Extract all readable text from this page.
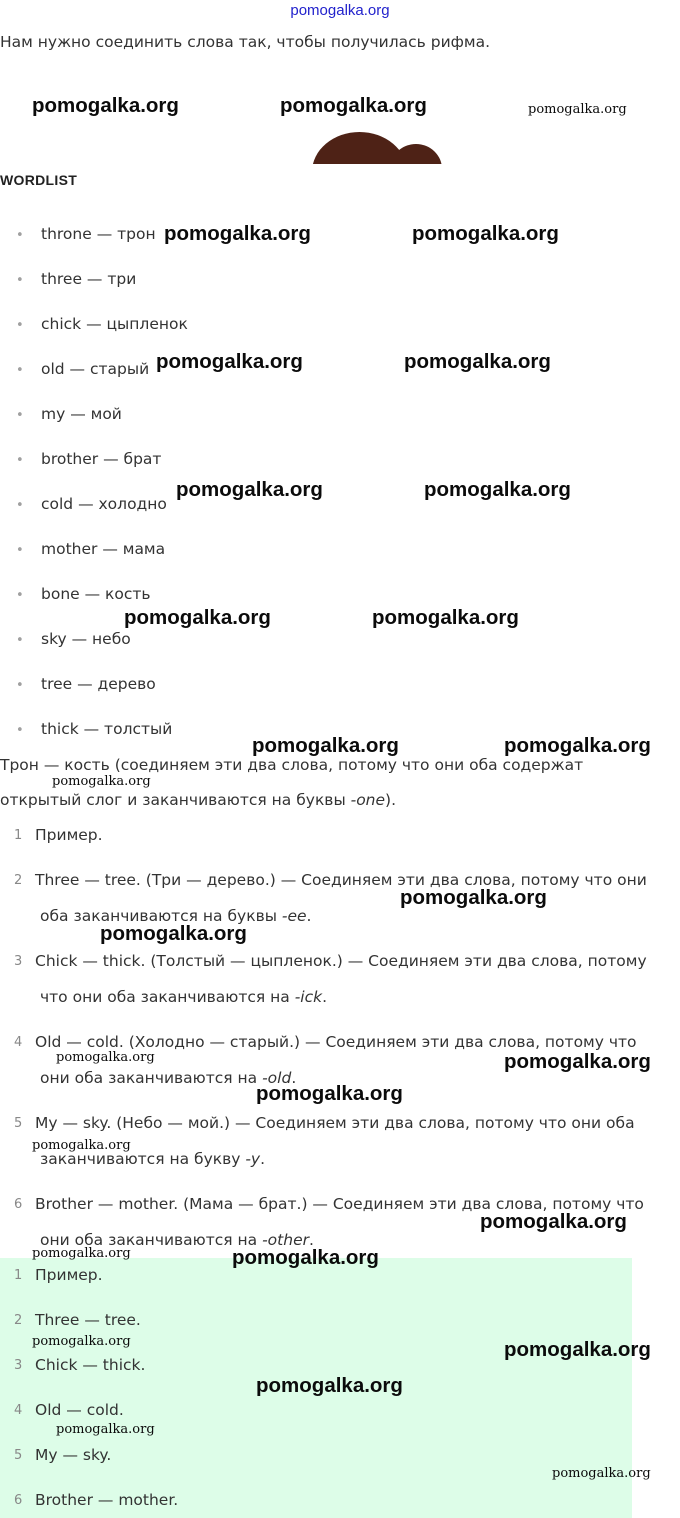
pomogalka.org
Нам нужно соединить слова так, чтобы получилась рифма.
WORDLIST
• throne — трон
• three — три
• chick — цыпленок
• old — старый
• my — мой
• brother — брат
• cold — холодно
• mother — мама
• bone — кость
• sky — небо
• tree — дерево
• thick — толстый
Трон — кость (соединяем эти два слова, потому что они оба содержат
открытый слог и заканчиваются на буквы -one).
1 Пример.
2 Three — tree. (Три — дерево.) — Соединяем эти два слова, потому что они
оба заканчиваются на буквы -ee.
3 Chick — thick. (Толстый — цыпленок.) — Соединяем эти два слова, потому
что они оба заканчиваются на -ick.
4 Old — cold. (Холодно — старый.) — Соединяем эти два слова, потому что
они оба заканчиваются на -old.
5 My — sky. (Небо — мой.) — Соединяем эти два слова, потому что они оба
заканчиваются на букву -y.
6 Brother — mother. (Мама — брат.) — Соединяем эти два слова, потому что
они оба заканчиваются на -other.
1 Пример.
2 Three — tree.
3 Chick — thick.
4 Old — cold.
5 My — sky.
6 Brother — mother.
pomogalka.org	pomogalka.org
pomogalka.org	pomogalka.org
pomogalka.org	pomogalka.org
pomogalka.org	pomogalka.org
pomogalka.org	pomogalka.org
pomogalka.org	pomogalka.org
pomogalka.org
pomogalka.org
pomogalka.org
pomogalka.org
pomogalka.org
pomogalka.org
pomogalka.org
pomogalka.org
pomogalka.org
pomogalka.org
pomogalka.org
pomogalka.org
pomogalka.org
pomogalka.org
pomogalka.org
pomogalka.org
